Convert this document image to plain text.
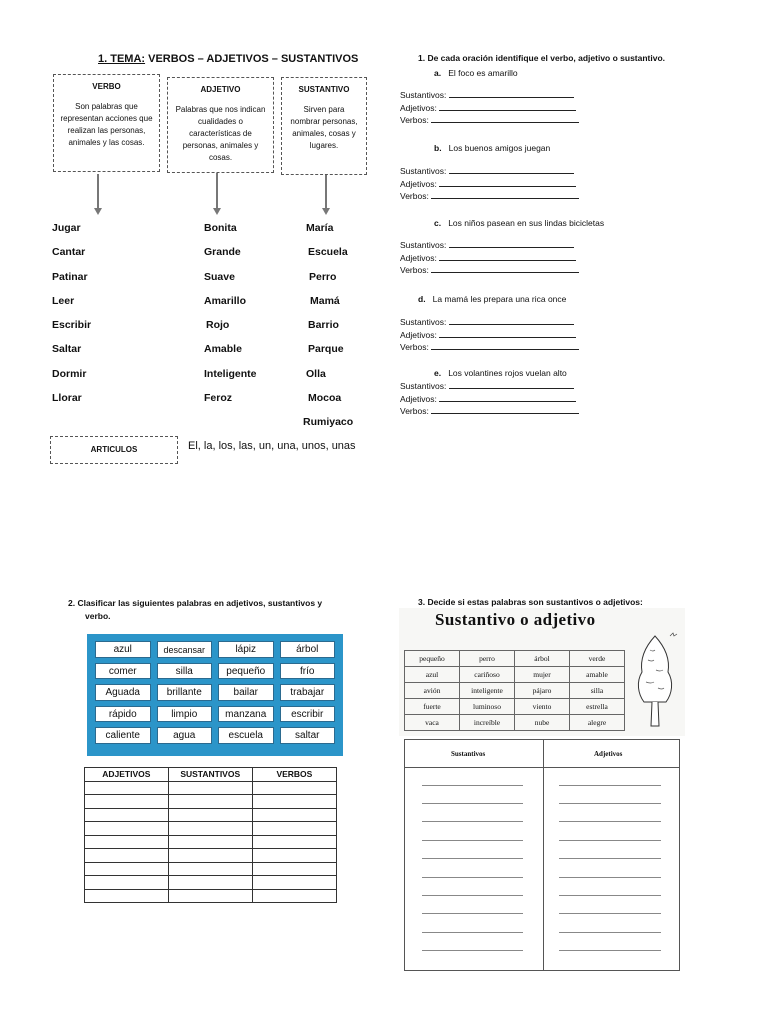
1. TEMA: VERBOS – ADJETIVOS – SUSTANTIVOS
VERBO
Son palabras que representan acciones que realizan las personas, animales y las cosas.
ADJETIVO
Palabras que nos indican cualidades o características de personas, animales y cosas.
SUSTANTIVO
Sirven para nombrar personas, animales, cosas y lugares.
Jugar
Cantar
Patinar
Leer
Escribir
Saltar
Dormir
Llorar
Bonita
Grande
Suave
Amarillo
Rojo
Amable
Inteligente
Feroz
María
Escuela
Perro
Mamá
Barrio
Parque
Olla
Mocoa
Rumiyaco
ARTICULOS	El, la, los, las, un, una, unos, unas
1. De cada oración identifique el verbo, adjetivo o sustantivo.
a. El foco es amarillo
Sustantivos:
Adjetivos:
Verbos:
b. Los buenos amigos juegan
Sustantivos:
Adjetivos:
Verbos:
c. Los niños pasean en sus lindas bicicletas
Sustantivos:
Adjetivos:
Verbos:
d. La mamá les prepara una rica once
Sustantivos:
Adjetivos:
Verbos:
e. Los volantines rojos vuelan alto
Sustantivos:
Adjetivos:
Verbos:
2. Clasificar las siguientes palabras en adjetivos, sustantivos y
verbo.
azul	descansar	lápiz	árbol
comer	silla	pequeño	frío
Aguada	brillante	bailar	trabajar
rápido	limpio	manzana	escribir
caliente	agua	escuela	saltar
ADJETIVOS	SUSTANTIVOS	VERBOS

3. Decide si estas palabras son sustantivos o adjetivos:
Sustantivo o adjetivo
pequeño	perro	árbol	verde
azul	cariñoso	mujer	amable
avión	inteligente	pájaro	silla
fuerte	luminoso	viento	estrella
vaca	increíble	nube	alegre
Sustantivos	Adjetivos
